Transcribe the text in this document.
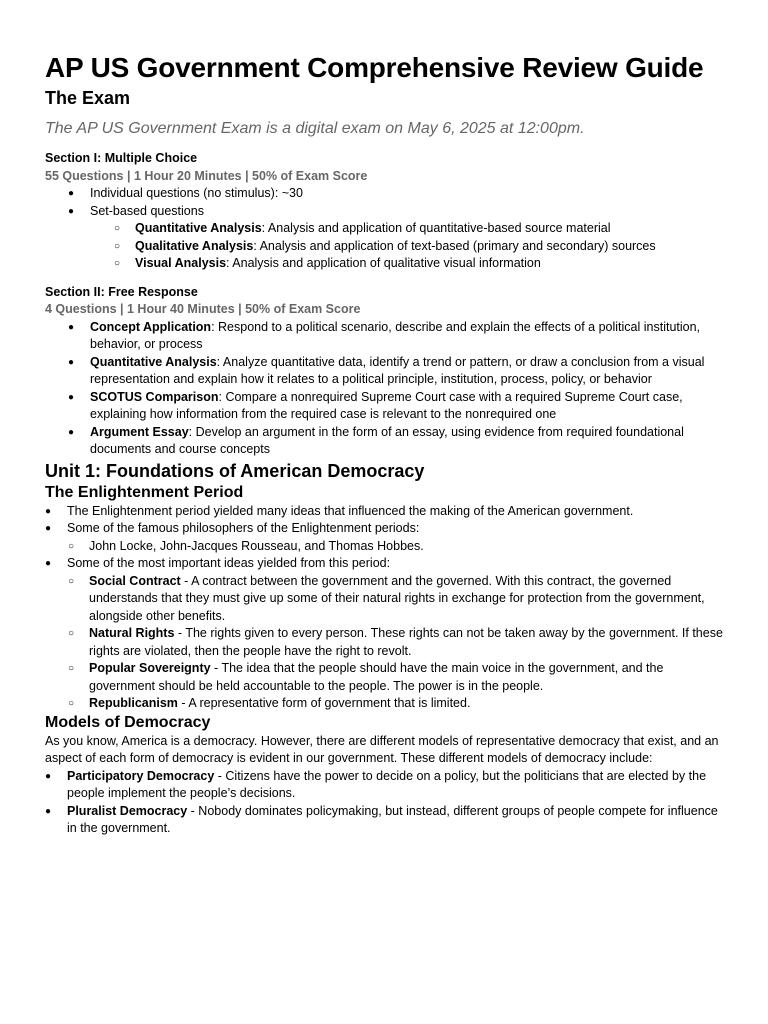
AP US Government Comprehensive Review Guide
The Exam

The AP US Government Exam is a digital exam on May 6, 2025 at 12:00pm.

Section I: Multiple Choice
55 Questions | 1 Hour 20 Minutes | 50% of Exam Score
● Individual questions (no stimulus): ~30
● Set-based questions
○ Quantitative Analysis: Analysis and application of quantitative-based source material
○ Qualitative Analysis: Analysis and application of text-based (primary and secondary) sources
○ Visual Analysis: Analysis and application of qualitative visual information
Section II: Free Response
4 Questions | 1 Hour 40 Minutes | 50% of Exam Score
● Concept Application: Respond to a political scenario, describe and explain the effects of a political institution, behavior, or process
● Quantitative Analysis: Analyze quantitative data, identify a trend or pattern, or draw a conclusion from a visual representation and explain how it relates to a political principle, institution, process, policy, or behavior
● SCOTUS Comparison: Compare a nonrequired Supreme Court case with a required Supreme Court case, explaining how information from the required case is relevant to the nonrequired one
● Argument Essay: Develop an argument in the form of an essay, using evidence from required foundational documents and course concepts
Unit 1: Foundations of American Democracy
The Enlightenment Period
● The Enlightenment period yielded many ideas that influenced the making of the American government.
● Some of the famous philosophers of the Enlightenment periods:
○ John Locke, John-Jacques Rousseau, and Thomas Hobbes.
● Some of the most important ideas yielded from this period:
○ Social Contract - A contract between the government and the governed. With this contract, the governed understands that they must give up some of their natural rights in exchange for protection from the government, alongside other benefits.
○ Natural Rights - The rights given to every person. These rights can not be taken away by the government. If these rights are violated, then the people have the right to revolt.
○ Popular Sovereignty - The idea that the people should have the main voice in the government, and the government should be held accountable to the people. The power is in the people.
○ Republicanism - A representative form of government that is limited.
Models of Democracy

As you know, America is a democracy. However, there are different models of representative democracy that exist, and an aspect of each form of democracy is evident in our government. These different models of democracy include:

● Participatory Democracy - Citizens have the power to decide on a policy, but the politicians that are elected by the people implement the people’s decisions.
● Pluralist Democracy - Nobody dominates policymaking, but instead, different groups of people compete for influence in the government.
